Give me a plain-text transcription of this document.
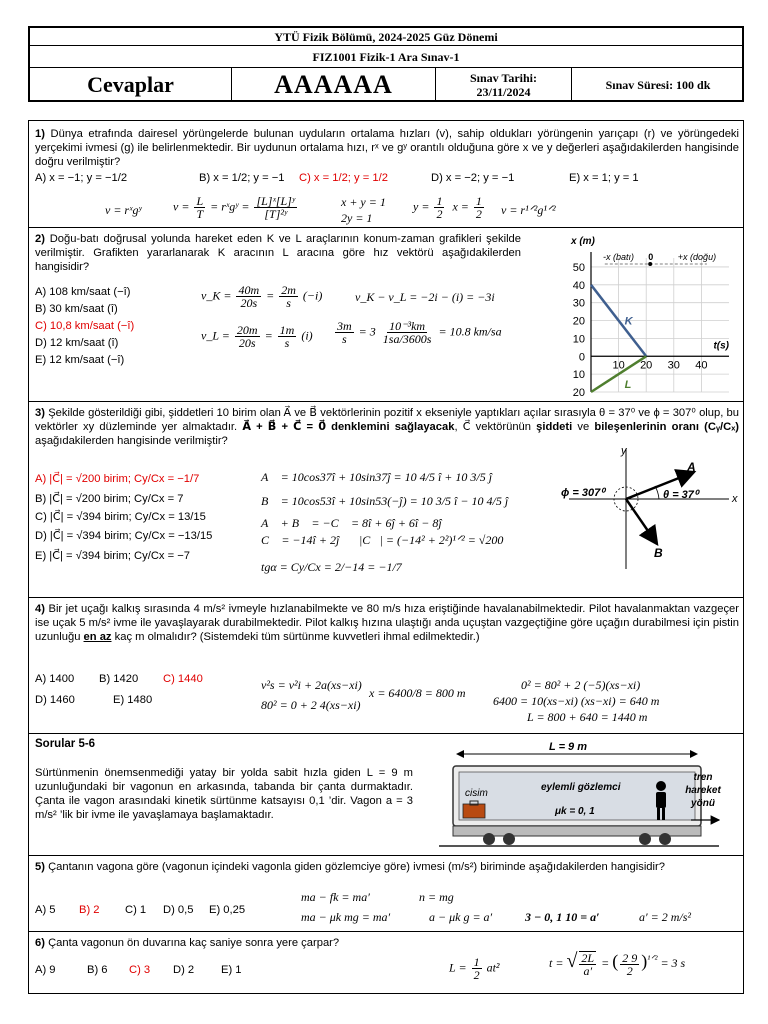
YTÜ Fizik Bölümü, 2024-2025 Güz Dönemi
FIZ1001 Fizik-1 Ara Sınav-1
Cevaplar	AAAAAA	Sınav Tarihi:
23/11/2024
Sınav Süresi: 100 dk
1) Dünya etrafında dairesel yörüngelerde bulunan uyduların ortalama hızları (v), sahip oldukları yörüngenin yarıçapı (r) ve yörüngedeki yerçekimi ivmesi (g) ile belirlenmektedir. Bir uydunun ortalama hızı, rˣ ve gʸ orantılı olduğuna göre x ve y değerleri aşağıdakilerden hangisinde doğru verilmiştir?
A) x = −1; y = −1/2	B) x = 1/2; y = −1 C) x = 1/2; y = 1/2	D) x = −2; y = −1	E) x = 1; y = 1
v = rˣgʸ	$v = \frac{L}{T}$ = rˣgʸ = $\frac{\text{[L]ˣ[L]ʸ}}{\text{[T]²ʸ}}$	x + y = 1
2y = 1
$y = \frac{1}{2}$ $x = \frac{1}{2}$ v = r¹ᐟ²g¹ᐟ²
2) Doğu-batı doğrusal yolunda hareket eden K ve L araçlarının konum-zaman grafikleri şekilde verilmiştir. Grafikten yararlanarak K aracının L aracına göre hız vektörü aşağıdakilerden hangisidir?
A) 108 km/saat (−î)
B) 30 km/saat (î)
C) 10,8 km/saat (−î)
D) 12 km/saat (î)
E) 12 km/saat (−î)
v_K = $\frac{40m}{20s} = \frac{2m}{s} (-i)$
v_L = $\frac{20m}{20s} = \frac{1m}{s} (i)$
v_K − v_L = −2i − (i) = −3i
$\frac{3m}{s} = 3 \frac{\text{10⁻³km}}{1sa/3600s} = 10.8$ km/sa
50
40
30
20
10
0
10
20
10 20 30 40
x (m)
t(s)
-x (batı) 0	+x (doğu)
K
L
3) Şekilde gösterildiği gibi, şiddetleri 10 birim olan A⃗ ve B⃗ vektörlerinin pozitif x ekseniyle yaptıkları açılar sırasıyla θ = 37⁰ ve ϕ = 307⁰ olup, bu vektörler xy düzleminde yer almaktadır. A⃗ + B⃗ + C⃗ = 0⃗ denklemini sağlayacak, C⃗ vektörünün şiddeti ve bileşenlerinin oranı (Cᵧ/Cₓ) aşağıdakilerden hangisinde verilmiştir?
A) |C⃗| = √200 birim; Cy/Cx = −1/7
B) |C⃗| = √200 birim; Cy/Cx = 7
C) |C⃗| = √394 birim; Cy/Cx = 13/15
D) |C⃗| = √394 birim; Cy/Cx = −13/15
E) |C⃗| = √394 birim; Cy/Cx = −7
A⃗ = 10cos37î + 10sin37ĵ = 10 4/5 î + 10 3/5 ĵ
B⃗ = 10cos53î + 10sin53(−ĵ) = 10 3/5 î − 10 4/5 ĵ
A⃗ + B⃗ = −C⃗ = 8î + 6ĵ + 6î − 8ĵ
C⃗ = −14î + 2ĵ |C⃗| = (−14² + 2²)¹ᐟ² = √200
tgα = Cy/Cx = 2/−14 = −1/7
x
y
A
B
θ = 37⁰
ϕ = 307⁰
4) Bir jet uçağı kalkış sırasında 4 m/s² ivmeyle hızlanabilmekte ve 80 m/s hıza eriştiğinde havalanabilmektedir. Pilot havalanmaktan vazgeçer ise uçak 5 m/s² ivme ile yavaşlayarak durabilmektedir. Pilot kalkış hızına ulaştığı anda uçuştan vazgeçtiğine göre uçağın durabilmesi için pistin uzunluğu en az kaç m olmalıdır? (Sistemdeki tüm sürtünme kuvvetleri ihmal edilmektedir.)
A) 1400 B) 1420 C) 1440
D) 1460	E) 1480
v²s = v²i + 2a(xs−xi)
80² = 0 + 2 4(xs−xi)
x = 6400/8 = 800 m
0² = 80² + 2 (−5)(xs−xi)
6400 = 10(xs−xi) (xs−xi) = 640 m
L = 800 + 640 = 1440 m
Sorular 5-6
Sürtünmenin önemsenmediği yatay bir yolda sabit hızla giden L = 9 m uzunluğundaki bir vagonun en arkasında, tabanda bir çanta durmaktadır. Çanta ile vagon arasındaki kinetik sürtünme katsayısı 0,1 ’dir. Vagon a = 3 m/s² ’lik bir ivme ile yavaşlamaya başlamaktadır.
L = 9 m
cisim
eylemli gözlemci
μk = 0, 1
tren
hareket
yönü
5) Çantanın vagona göre (vagonun içindeki vagonla giden gözlemciye göre) ivmesi (m/s²) biriminde aşağıdakilerden hangisidir?
A) 5 B) 2 C) 1 D) 0,5 E) 0,25
ma − fk = ma′	n = mg
ma − μk mg = ma′	a − μk g = a′	3 − 0, 1 10 = a′	a′ = 2 m/s²
6) Çanta vagonun ön duvarına kaç saniye sonra yere çarpar?
A) 9	B) 6 C) 3 D) 2 E) 1	$L = \frac{1}{2} at^2$	t = √ $\frac{2L}{a'}$ = ( $\frac{2 9}{2} )^{^1ᐟ^2} = 3$ s
